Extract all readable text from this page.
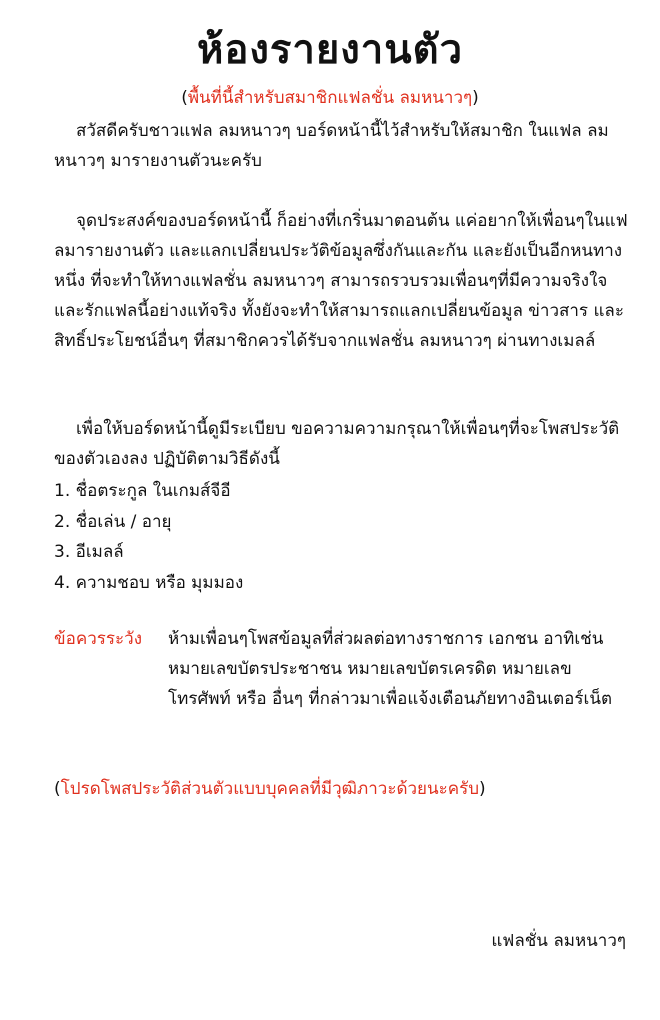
ห้องรายงานตัว
(พื้นที่นี้สำหรับสมาชิกแฟลชั่น ลมหนาวๆ)

สวัสดีครับชาวแฟล ลมหนาวๆ บอร์ดหน้านี้ไว้สำหรับให้สมาชิก ในแฟล ลมหนาวๆ มารายงานตัวนะครับ

จุดประสงค์ของบอร์ดหน้านี้ ก็อย่างที่เกริ่นมาตอนต้น แค่อยากให้เพื่อนๆในแฟลมารายงานตัว และแลกเปลี่ยนประวัติข้อมูลซึ่งกันและกัน และยังเป็นอีกหนทางหนึ่ง ที่จะทำให้ทางแฟลชั่น ลมหนาวๆ สามารถรวบรวมเพื่อนๆที่มีความจริงใจ และรักแฟลนี้อย่างแท้จริง ทั้งยังจะทำให้สามารถแลกเปลี่ยนข้อมูล ข่าวสาร และสิทธิ์ประโยชน์อื่นๆ ที่สมาชิกควรได้รับจากแฟลชั่น ลมหนาวๆ ผ่านทางเมลล์

เพื่อให้บอร์ดหน้านี้ดูมีระเบียบ ขอความความกรุณาให้เพื่อนๆที่จะโพสประวัติของตัวเองลง ปฏิบัติตามวิธีดังนี้

1. ชื่อตระกูล ในเกมส์จีอี
2. ชื่อเล่น / อายุ
3. อีเมลล์
4. ความชอบ หรือ มุมมอง
ข้อควรระวัง ห้ามเพื่อนๆโพสข้อมูลที่ส่วผลต่อทางราชการ เอกชน อาทิเช่น หมายเลขบัตรประชาชน หมายเลขบัตรเครดิต หมายเลขโทรศัพท์ หรือ อื่นๆ ที่กล่าวมาเพื่อแจ้งเตือนภัยทางอินเตอร์เน็ต

(โปรดโพสประวัติส่วนตัวแบบบุคคลที่มีวุฒิภาวะด้วยนะครับ)
แฟลชั่น ลมหนาวๆ
